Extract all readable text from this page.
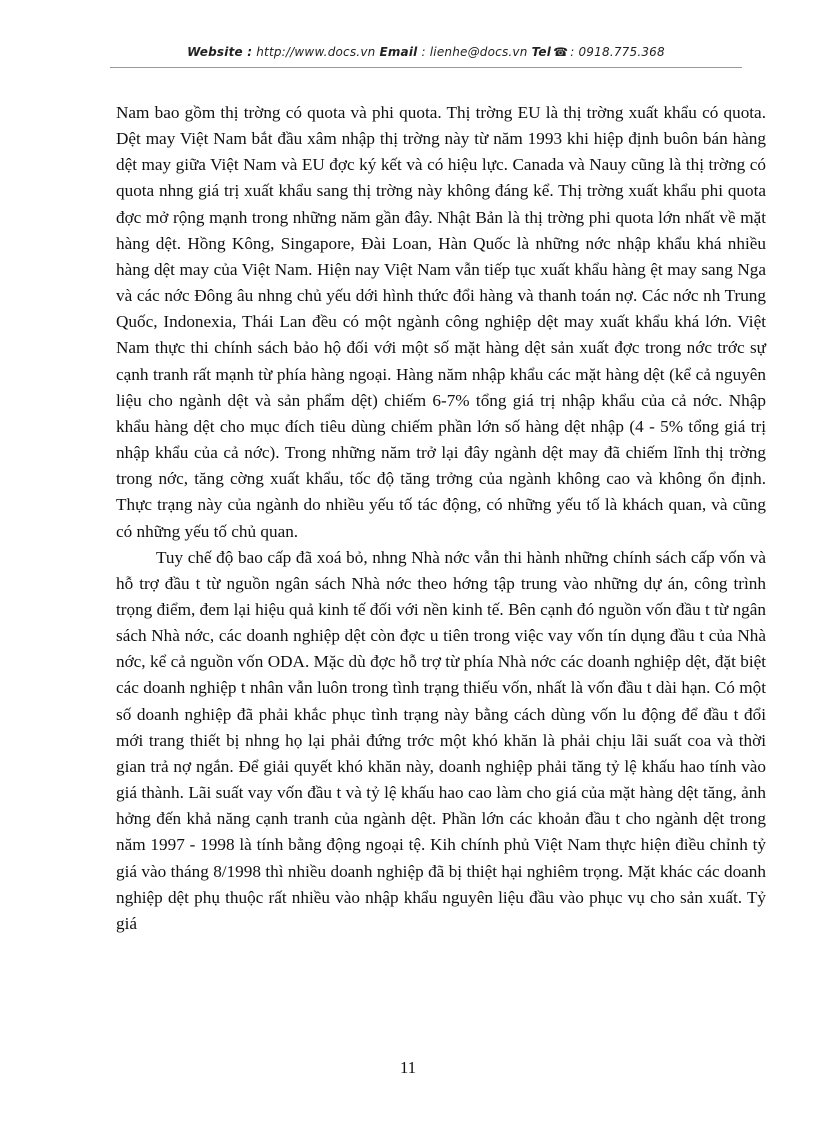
Website : http://www.docs.vn Email : lienhe@docs.vn Tel ☎ : 0918.775.368

Nam bao gồm thị trờng có quota và phi quota. Thị trờng EU là thị trờng xuất khẩu có quota. Dệt may Việt Nam bắt đầu xâm nhập thị trờng này từ năm 1993 khi hiệp định buôn bán hàng dệt may giữa Việt Nam và EU đợc ký kết và có hiệu lực. Canada và Nauy cũng là thị trờng có quota nhng giá trị xuất khẩu sang thị trờng này không đáng kể. Thị trờng xuất khẩu phi quota đợc mở rộng mạnh trong những năm gần đây. Nhật Bản là thị trờng phi quota lớn nhất về mặt hàng dệt. Hồng Kông, Singapore, Đài Loan, Hàn Quốc là những nớc nhập khẩu khá nhiều hàng dệt may của Việt Nam. Hiện nay Việt Nam vẫn tiếp tục xuất khẩu hàng ệt may sang Nga và các nớc Đông âu nhng chủ yếu dới hình thức đổi hàng và thanh toán nợ. Các nớc nh Trung Quốc, Indonexia, Thái Lan đều có một ngành công nghiệp dệt may xuất khẩu khá lớn. Việt Nam thực thi chính sách bảo hộ đối với một số mặt hàng dệt sản xuất đợc trong nớc trớc sự cạnh tranh rất mạnh từ phía hàng ngoại. Hàng năm nhập khẩu các mặt hàng dệt (kể cả nguyên liệu cho ngành dệt và sản phẩm dệt) chiếm 6-7% tổng giá trị nhập khẩu của cả nớc. Nhập khẩu hàng dệt cho mục đích tiêu dùng chiếm phần lớn số hàng dệt nhập (4 - 5% tổng giá trị nhập khẩu của cả nớc). Trong những năm trở lại đây ngành dệt may đã chiếm lĩnh thị trờng trong nớc, tăng cờng xuất khẩu, tốc độ tăng trởng của ngành không cao và không ổn định. Thực trạng này của ngành do nhiều yếu tố tác động, có những yếu tố là khách quan, và cũng có những yếu tố chủ quan.

Tuy chế độ bao cấp đã xoá bỏ, nhng Nhà nớc vẫn thi hành những chính sách cấp vốn và hỗ trợ đầu t từ nguồn ngân sách Nhà nớc theo hớng tập trung vào những dự án, công trình trọng điểm, đem lại hiệu quả kinh tế đối với nền kinh tế. Bên cạnh đó nguồn vốn đầu t từ ngân sách Nhà nớc, các doanh nghiệp dệt còn đợc u tiên trong việc vay vốn tín dụng đầu t của Nhà nớc, kể cả nguồn vốn ODA. Mặc dù đợc hỗ trợ từ phía Nhà nớc các doanh nghiệp dệt, đặt biệt các doanh nghiệp t nhân vẫn luôn trong tình trạng thiếu vốn, nhất là vốn đầu t dài hạn. Có một số doanh nghiệp đã phải khắc phục tình trạng này bằng cách dùng vốn lu động để đầu t đổi mới trang thiết bị nhng họ lại phải đứng trớc một khó khăn là phải chịu lãi suất coa và thời gian trả nợ ngắn. Để giải quyết khó khăn này, doanh nghiệp phải tăng tỷ lệ khấu hao tính vào giá thành. Lãi suất vay vốn đầu t và tỷ lệ khấu hao cao làm cho giá của mặt hàng dệt tăng, ảnh hởng đến khả năng cạnh tranh của ngành dệt. Phần lớn các khoản đầu t cho ngành dệt trong năm 1997 - 1998 là tính bằng động ngoại tệ. Kih chính phủ Việt Nam thực hiện điều chỉnh tỷ giá vào tháng 8/1998 thì nhiều doanh nghiệp đã bị thiệt hại nghiêm trọng. Mặt khác các doanh nghiệp dệt phụ thuộc rất nhiều vào nhập khẩu nguyên liệu đầu vào phục vụ cho sản xuất. Tỷ giá

11
